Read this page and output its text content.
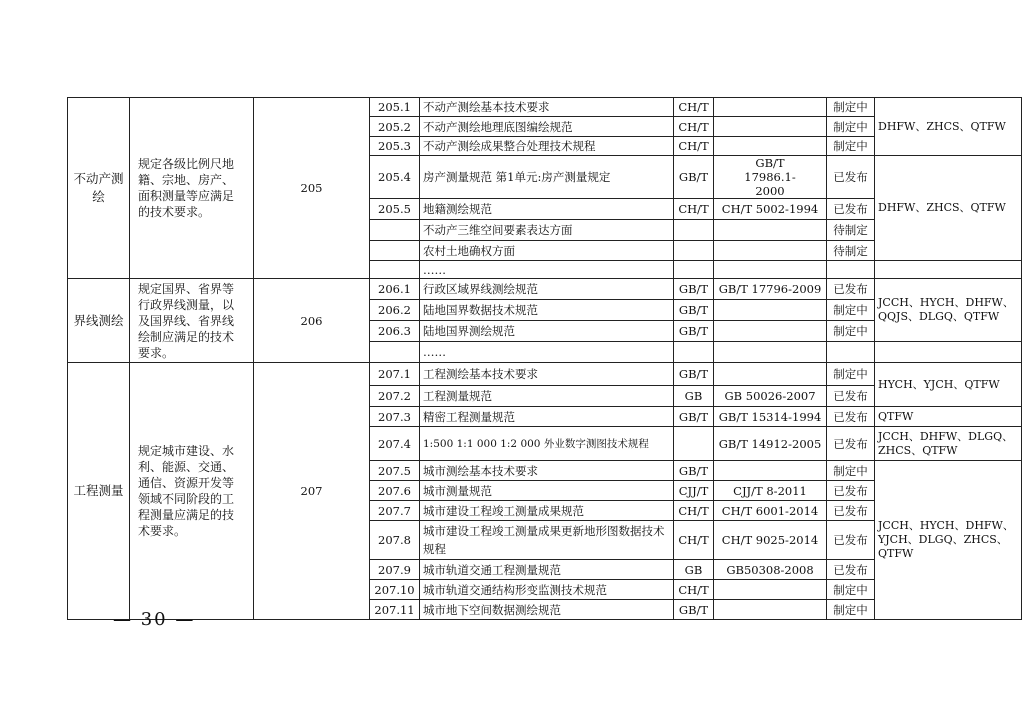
不动产测绘	规定各级比例尺地籍、宗地、房产、面积测量等应满足的技术要求。	205	205.1	不动产测绘基本技术要求	CH/T		制定中	DHFW、ZHCS、QTFW
			205.2	不动产测绘地理底图编绘规范	CH/T		制定中	
			205.3	不动产测绘成果整合处理技术规程	CH/T		制定中	
			205.4	房产测量规范 第1单元:房产测量规定	GB/T	GB/T 17986.1-2000	已发布	DHFW、ZHCS、QTFW
			205.5	地籍测绘规范	CH/T	CH/T 5002-1994	已发布	
				不动产三维空间要素表达方面			待制定	
				农村土地确权方面			待制定	
				……				
界线测绘	规定国界、省界等行政界线测量，以及国界线、省界线绘制应满足的技术要求。	206	206.1	行政区域界线测绘规范	GB/T	GB/T 17796-2009	已发布	JCCH、HYCH、DHFW、QQJS、DLGQ、QTFW
			206.2	陆地国界数据技术规范	GB/T		制定中	
			206.3	陆地国界测绘规范	GB/T		制定中	
				……				
工程测量	规定城市建设、水利、能源、交通、通信、资源开发等领域不同阶段的工程测量应满足的技术要求。	207	207.1	工程测绘基本技术要求	GB/T		制定中	HYCH、YJCH、QTFW
			207.2	工程测量规范	GB	GB 50026-2007	已发布	
			207.3	精密工程测量规范	GB/T	GB/T 15314-1994	已发布	QTFW
			207.4	1:500 1:1 000 1:2 000 外业数字测图技术规程		GB/T 14912-2005	已发布	JCCH、DHFW、DLGQ、ZHCS、QTFW
			207.5	城市测绘基本技术要求	GB/T		制定中	JCCH、HYCH、DHFW、YJCH、DLGQ、ZHCS、QTFW
			207.6	城市测量规范	CJJ/T	CJJ/T 8-2011	已发布	
			207.7	城市建设工程竣工测量成果规范	CH/T	CH/T 6001-2014	已发布	
			207.8	城市建设工程竣工测量成果更新地形图数据技术规程	CH/T	CH/T 9025-2014	已发布	
			207.9	城市轨道交通工程测量规范	GB	GB50308-2008	已发布	
			207.10	城市轨道交通结构形变监测技术规范	CH/T		制定中	
			207.11	城市地下空间数据测绘规范	GB/T		制定中	
— 30 —
